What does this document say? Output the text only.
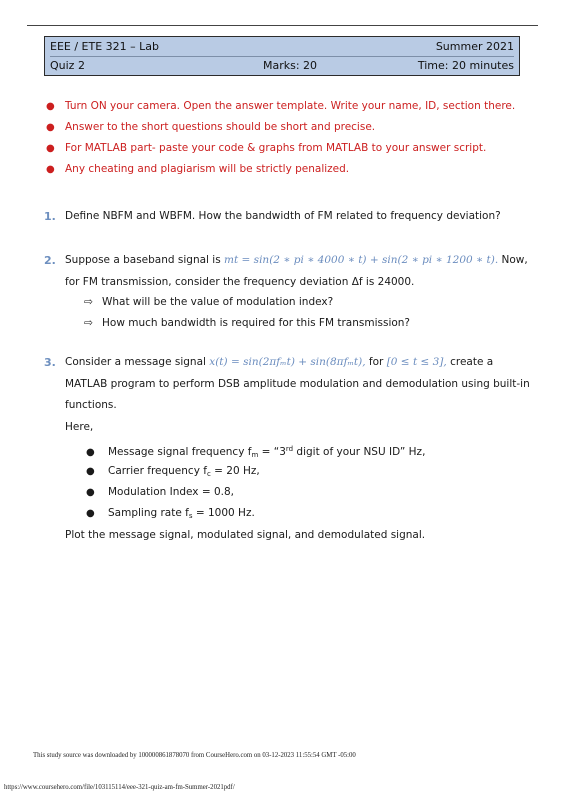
EEE / ETE 321 – Lab	Summer 2021
Quiz 2	Marks: 20	Time: 20 minutes
● Turn ON your camera. Open the answer template. Write your name, ID, section there.
● Answer to the short questions should be short and precise.
● For MATLAB part- paste your code & graphs from MATLAB to your answer script.
● Any cheating and plagiarism will be strictly penalized.
1. Define NBFM and WBFM. How the bandwidth of FM related to frequency deviation?
2. Suppose a baseband signal is mt = sin(2 ∗ pi ∗ 4000 ∗ t) + sin(2 ∗ pi ∗ 1200 ∗ t). Now,
for FM transmission, consider the frequency deviation Δf is 24000.
⇨ What will be the value of modulation index?
⇨ How much bandwidth is required for this FM transmission?
3. Consider a message signal x(t) = sin(2πfₘt) + sin(8πfₘt), for [0 ≤ t ≤ 3], create a
MATLAB program to perform DSB amplitude modulation and demodulation using built-in
functions.
Here,
● Message signal frequency $f_m$ = “3rd digit of your NSU ID” Hz,
● Carrier frequency $f_c = 20$ Hz,
● Modulation Index = 0.8,
● Sampling rate $f_s = 1000$ Hz.
Plot the message signal, modulated signal, and demodulated signal.
This study source was downloaded by 100000861878070 from CourseHero.com on 03-12-2023 11:55:54 GMT -05:00
https://www.coursehero.com/file/103115114/eee-321-quiz-am-fm-Summer-2021pdf/
